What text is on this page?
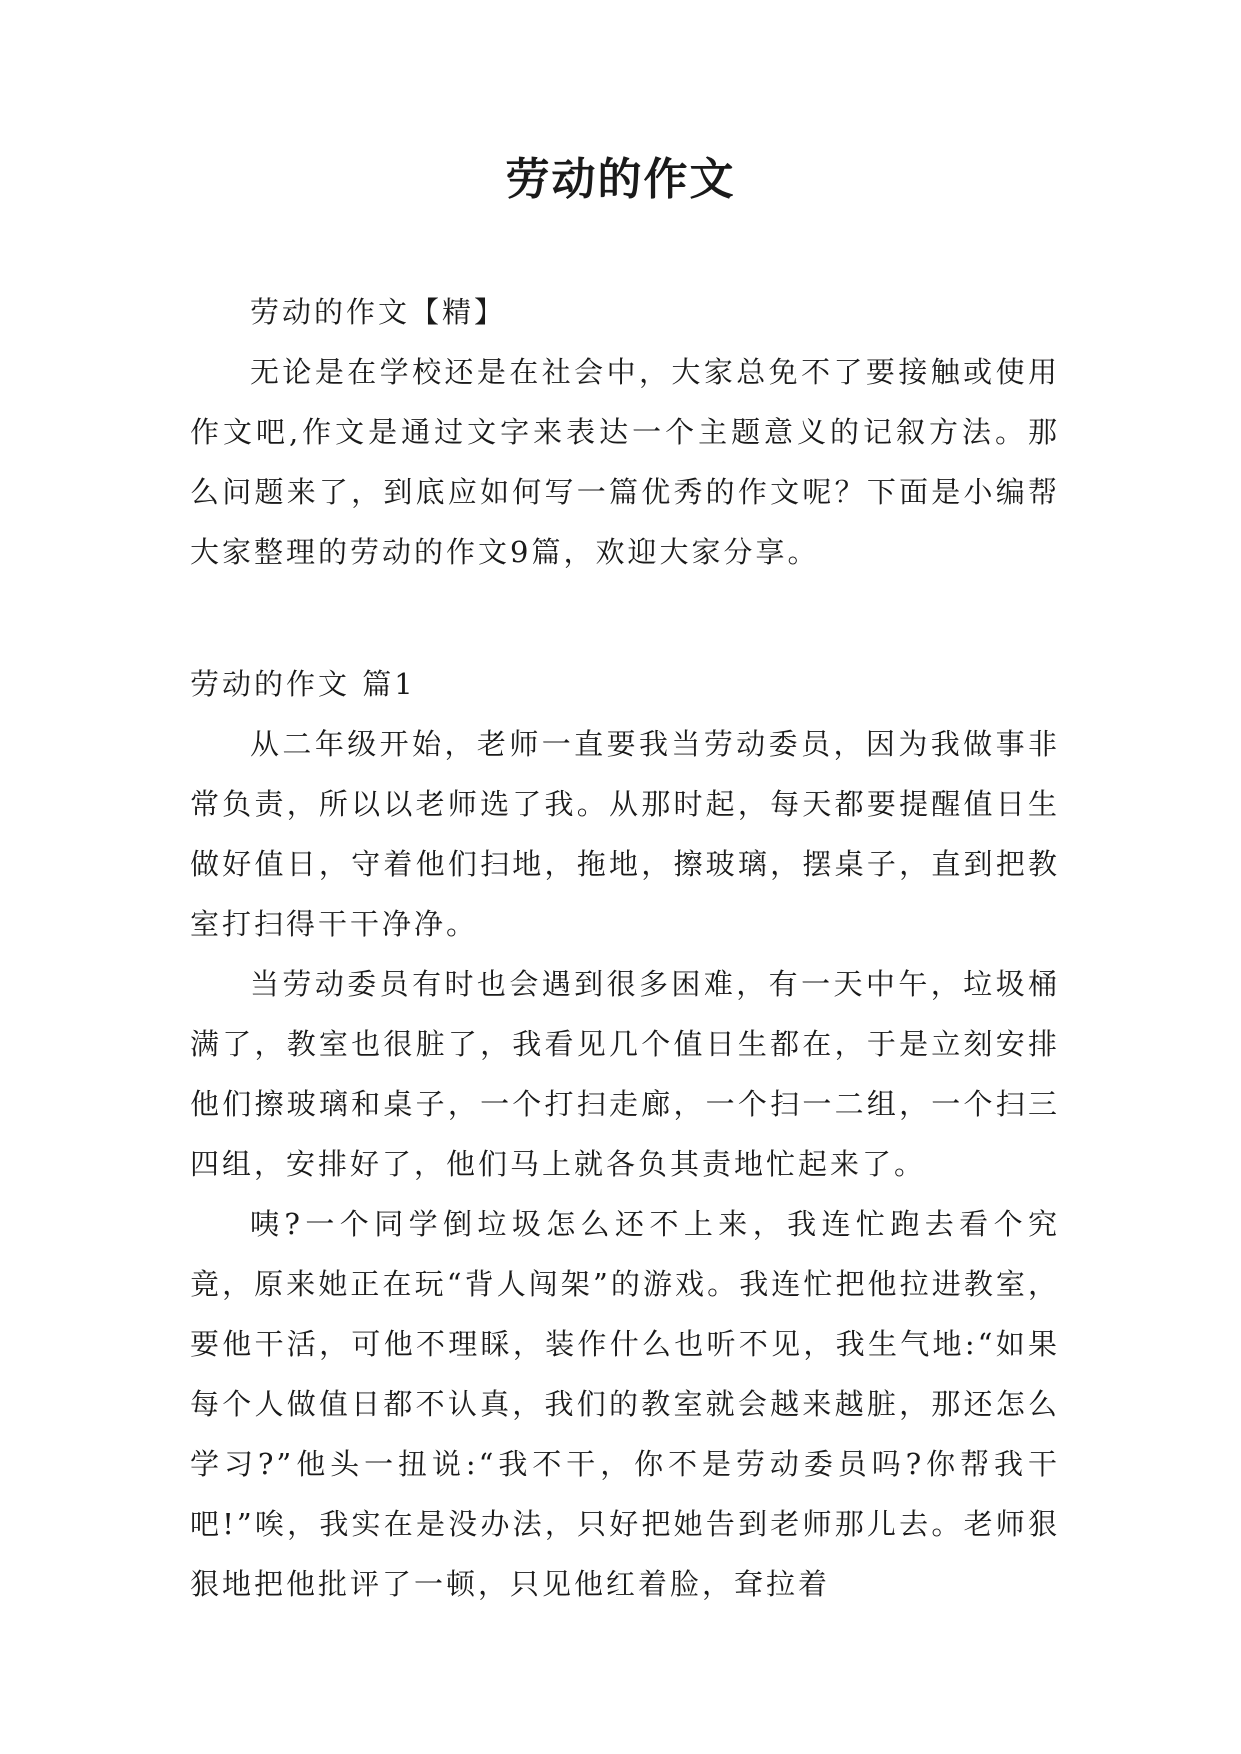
劳动的作文

劳动的作文【精】

无论是在学校还是在社会中，大家总免不了要接触或使用作文吧,作文是通过文字来表达一个主题意义的记叙方法。那么问题来了，到底应如何写一篇优秀的作文呢？下面是小编帮大家整理的劳动的作文9篇，欢迎大家分享。

劳动的作文 篇1

从二年级开始，老师一直要我当劳动委员，因为我做事非常负责，所以以老师选了我。从那时起，每天都要提醒值日生做好值日，守着他们扫地，拖地，擦玻璃，摆桌子，直到把教室打扫得干干净净。

当劳动委员有时也会遇到很多困难，有一天中午，垃圾桶满了，教室也很脏了，我看见几个值日生都在，于是立刻安排他们擦玻璃和桌子，一个打扫走廊，一个扫一二组，一个扫三四组，安排好了，他们马上就各负其责地忙起来了。

咦?一个同学倒垃圾怎么还不上来，我连忙跑去看个究竟，原来她正在玩“背人闯架”的游戏。我连忙把他拉进教室，要他干活，可他不理睬，装作什么也听不见，我生气地:“如果每个人做值日都不认真，我们的教室就会越来越脏，那还怎么学习?”他头一扭说:“我不干，你不是劳动委员吗?你帮我干吧!”唉，我实在是没办法，只好把她告到老师那儿去。老师狠狠地把他批评了一顿，只见他红着脸，耷拉着
